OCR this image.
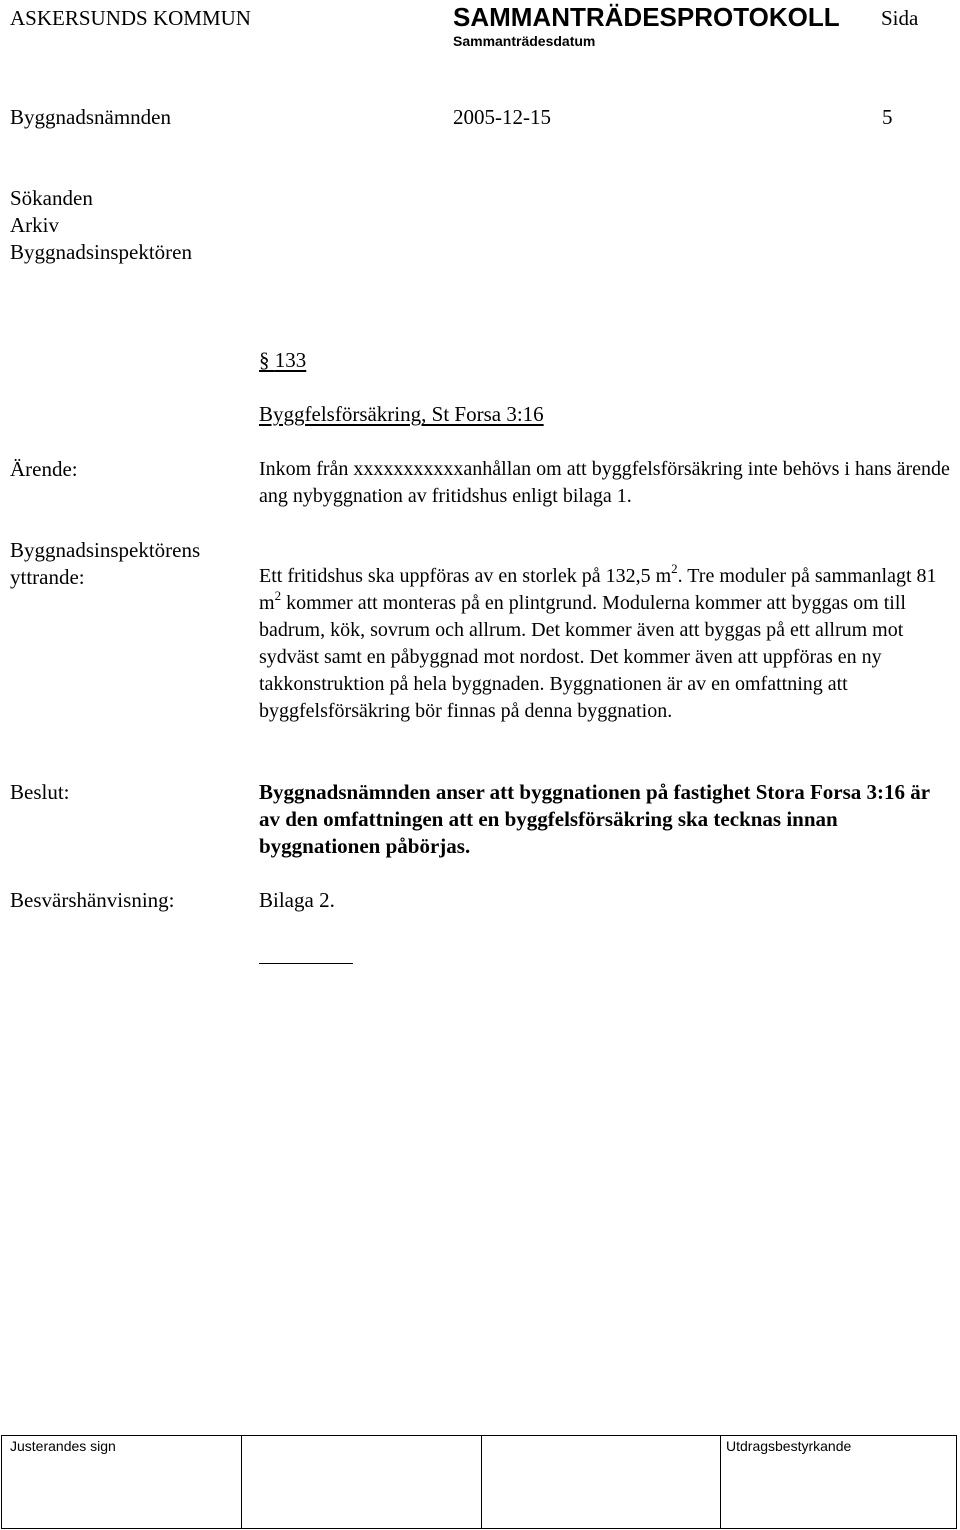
ASKERSUNDS KOMMUN	SAMMANTRÄDESPROTOKOLL Sida
Sammanträdesdatum
Byggnadsnämnden	2005-12-15	5
Sökanden
Arkiv
Byggnadsinspektören
§ 133
Byggfelsförsäkring, St Forsa 3:16
Ärende:	Inkom från xxxxxxxxxxxanhållan om att byggfelsförsäkring inte behövs i hans ärende ang nybyggnation av fritidshus enligt bilaga 1.
Byggnadsinspektörens
yttrande:	Ett fritidshus ska uppföras av en storlek på 132,5 $m^2$. Tre moduler på sammanlagt 81 $m^2$ kommer att monteras på en plintgrund. Modulerna kommer att byggas om till badrum, kök, sovrum och allrum. Det kommer även att byggas på ett allrum mot sydväst samt en påbyggnad mot nordost. Det kommer även att uppföras en ny takkonstruktion på hela byggnaden. Byggnationen är av en omfattning att byggfelsförsäkring bör finnas på denna byggnation.
Beslut:	Byggnadsnämnden anser att byggnationen på fastighet Stora Forsa 3:16 är av den omfattningen att en byggfelsförsäkring ska tecknas innan byggnationen påbörjas.
Besvärshänvisning:	Bilaga 2.
Justerandes sign	Utdragsbestyrkande
